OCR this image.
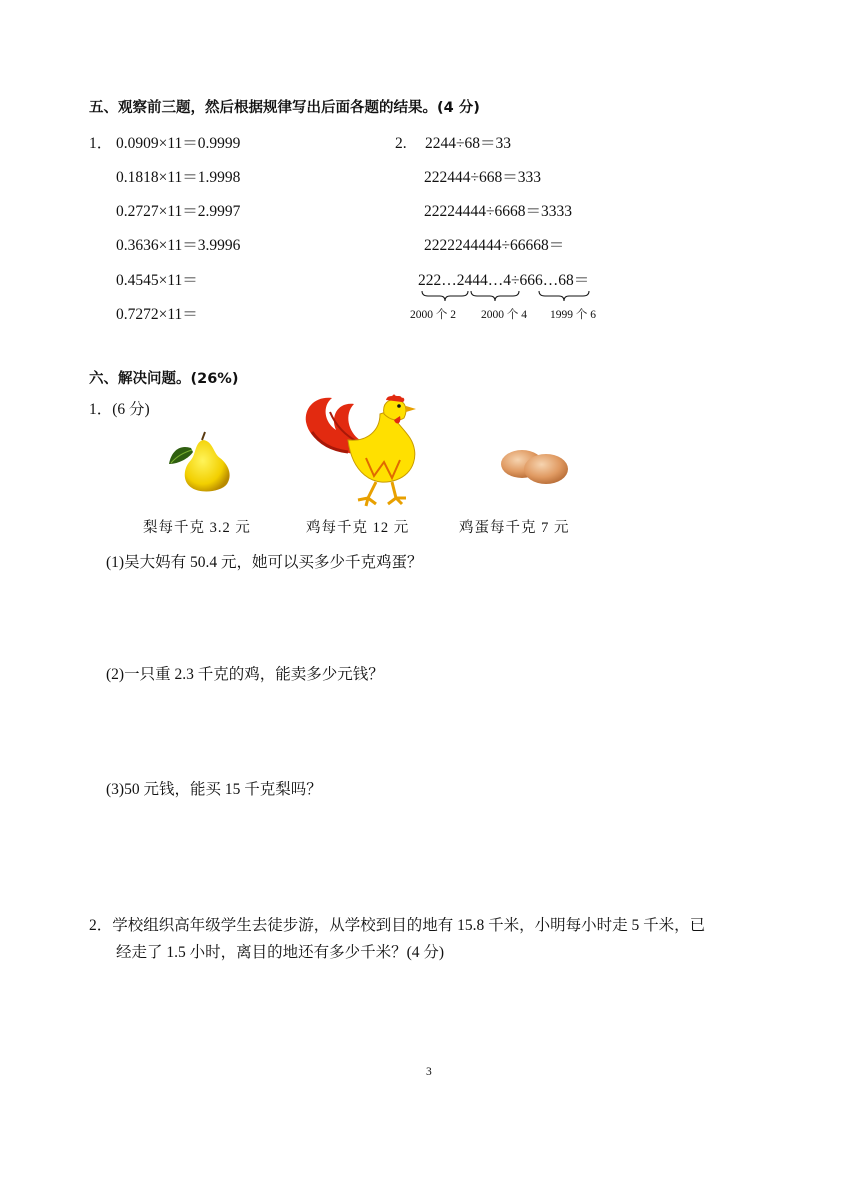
五、观察前三题，然后根据规律写出后面各题的结果。(4 分)
1． 0.0909×11＝0.9999
0.1818×11＝1.9998
0.2727×11＝2.9997
0.3636×11＝3.9996
0.4545×11＝
0.7272×11＝
2. 2244÷68＝33
222444÷668＝333
22224444÷6668＝3333
2222244444÷66668＝
222…2444…4÷666…68＝
2000 个 2 2000 个 4 1999 个 6
六、解决问题。(26%)
1．(6 分)
梨每千克 3.2 元	鸡每千克 12 元	鸡蛋每千克 7 元
(1)吴大妈有 50.4 元，她可以买多少千克鸡蛋？
(2)一只重 2.3 千克的鸡，能卖多少元钱？
(3)50 元钱，能买 15 千克梨吗？
2．学校组织高年级学生去徒步游，从学校到目的地有 15.8 千米，小明每小时走 5 千米，已
经走了 1.5 小时，离目的地还有多少千米？(4 分)
3
